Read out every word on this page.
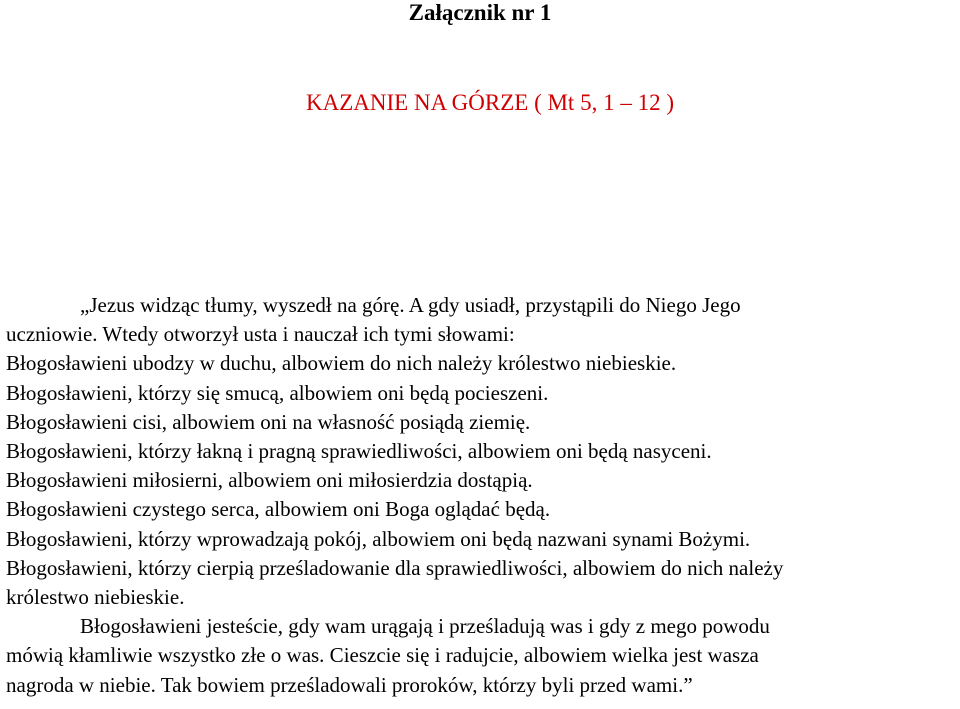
Załącznik nr 1
KAZANIE NA GÓRZE ( Mt 5, 1 – 12 )
„Jezus widząc tłumy, wyszedł na górę. A gdy usiadł, przystąpili do Niego Jego
uczniowie. Wtedy otworzył usta i nauczał ich tymi słowami:
Błogosławieni ubodzy w duchu, albowiem do nich należy królestwo niebieskie.
Błogosławieni, którzy się smucą, albowiem oni będą pocieszeni.
Błogosławieni cisi, albowiem oni na własność posiądą ziemię.
Błogosławieni, którzy łakną i pragną sprawiedliwości, albowiem oni będą nasyceni.
Błogosławieni miłosierni, albowiem oni miłosierdzia dostąpią.
Błogosławieni czystego serca, albowiem oni Boga oglądać będą.
Błogosławieni, którzy wprowadzają pokój, albowiem oni będą nazwani synami Bożymi.
Błogosławieni, którzy cierpią prześladowanie dla sprawiedliwości, albowiem do nich należy
królestwo niebieskie.
Błogosławieni jesteście, gdy wam urągają i prześladują was i gdy z mego powodu
mówią kłamliwie wszystko złe o was. Cieszcie się i radujcie, albowiem wielka jest wasza
nagroda w niebie. Tak bowiem prześladowali proroków, którzy byli przed wami.”
